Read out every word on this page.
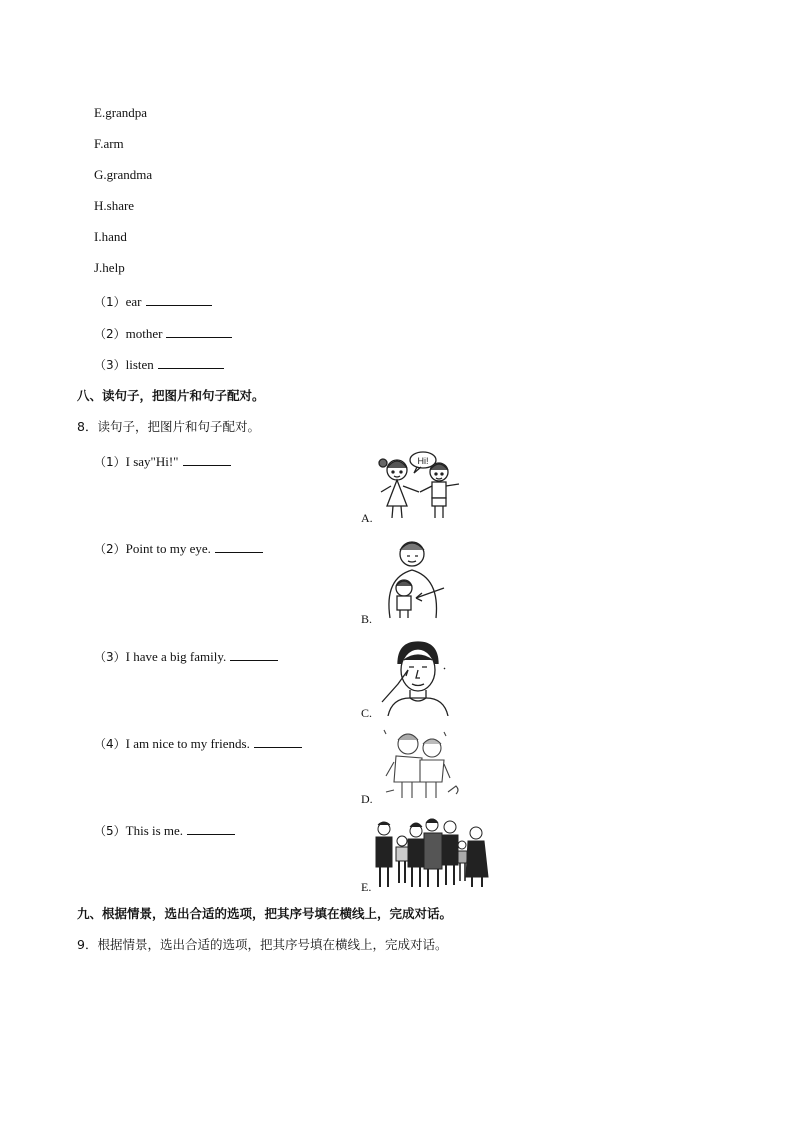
E.grandpa
F.arm
G.grandma
H.share
I.hand
J.help
（1）ear
（2）mother
（3）listen
八、读句子，把图片和句子配对。
8．读句子，把图片和句子配对。
（1）I say"Hi!"
（2）Point to my eye.
（3）I have a big family.
（4）I am nice to my friends.
（5）This is me.
A.
Hi!
B.
C.
D.
E.
九、根据情景，选出合适的选项，把其序号填在横线上，完成对话。
9．根据情景，选出合适的选项，把其序号填在横线上，完成对话。
